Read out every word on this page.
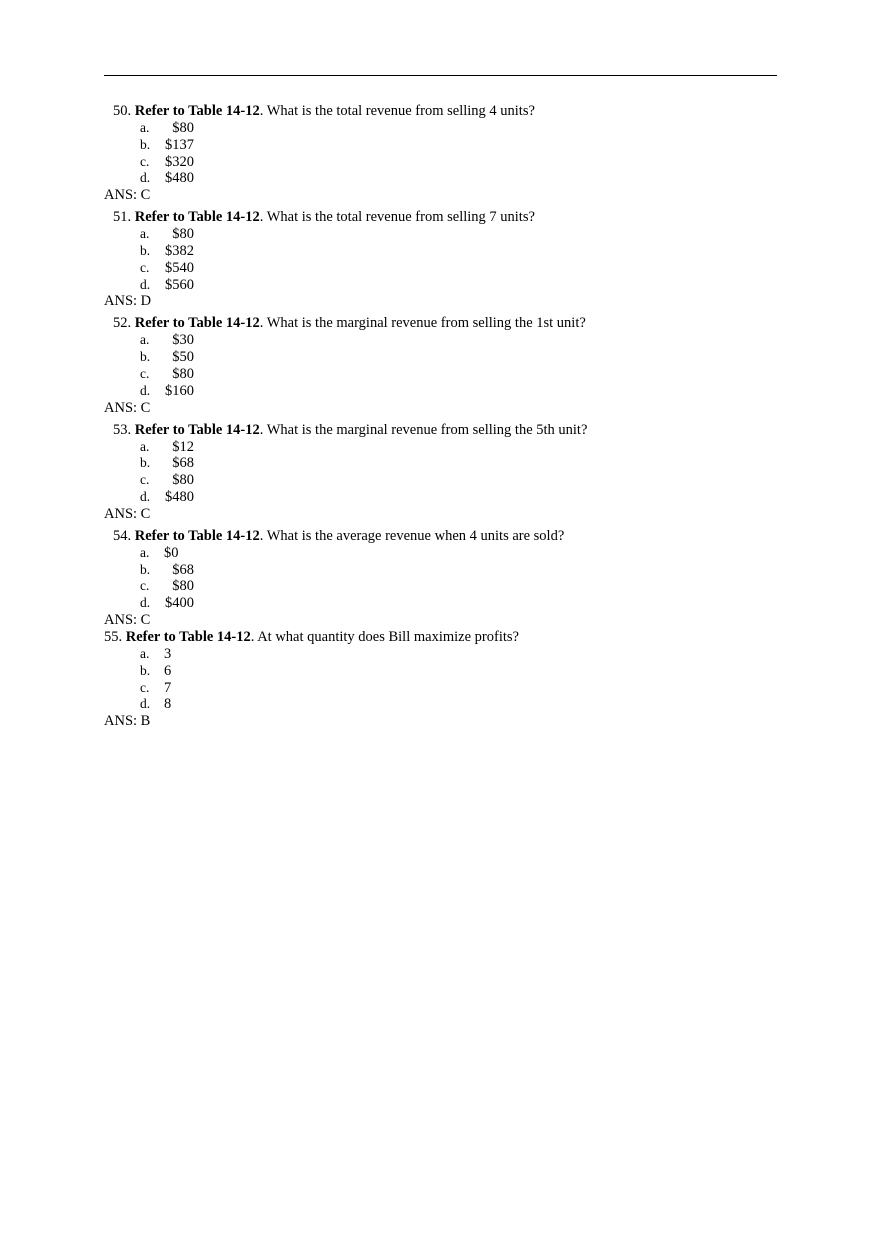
50. Refer to Table 14-12. What is the total revenue from selling 4 units?
a. $80
b. $137
c. $320
d. $480
ANS: C
51. Refer to Table 14-12. What is the total revenue from selling 7 units?
a. $80
b. $382
c. $540
d. $560
ANS: D
52. Refer to Table 14-12. What is the marginal revenue from selling the 1st unit?
a. $30
b. $50
c. $80
d. $160
ANS: C
53. Refer to Table 14-12. What is the marginal revenue from selling the 5th unit?
a. $12
b. $68
c. $80
d. $480
ANS: C
54. Refer to Table 14-12. What is the average revenue when 4 units are sold?
a. $0
b. $68
c. $80
d. $400
ANS: C
55. Refer to Table 14-12. At what quantity does Bill maximize profits?
a. 3
b. 6
c. 7
d. 8
ANS: B
